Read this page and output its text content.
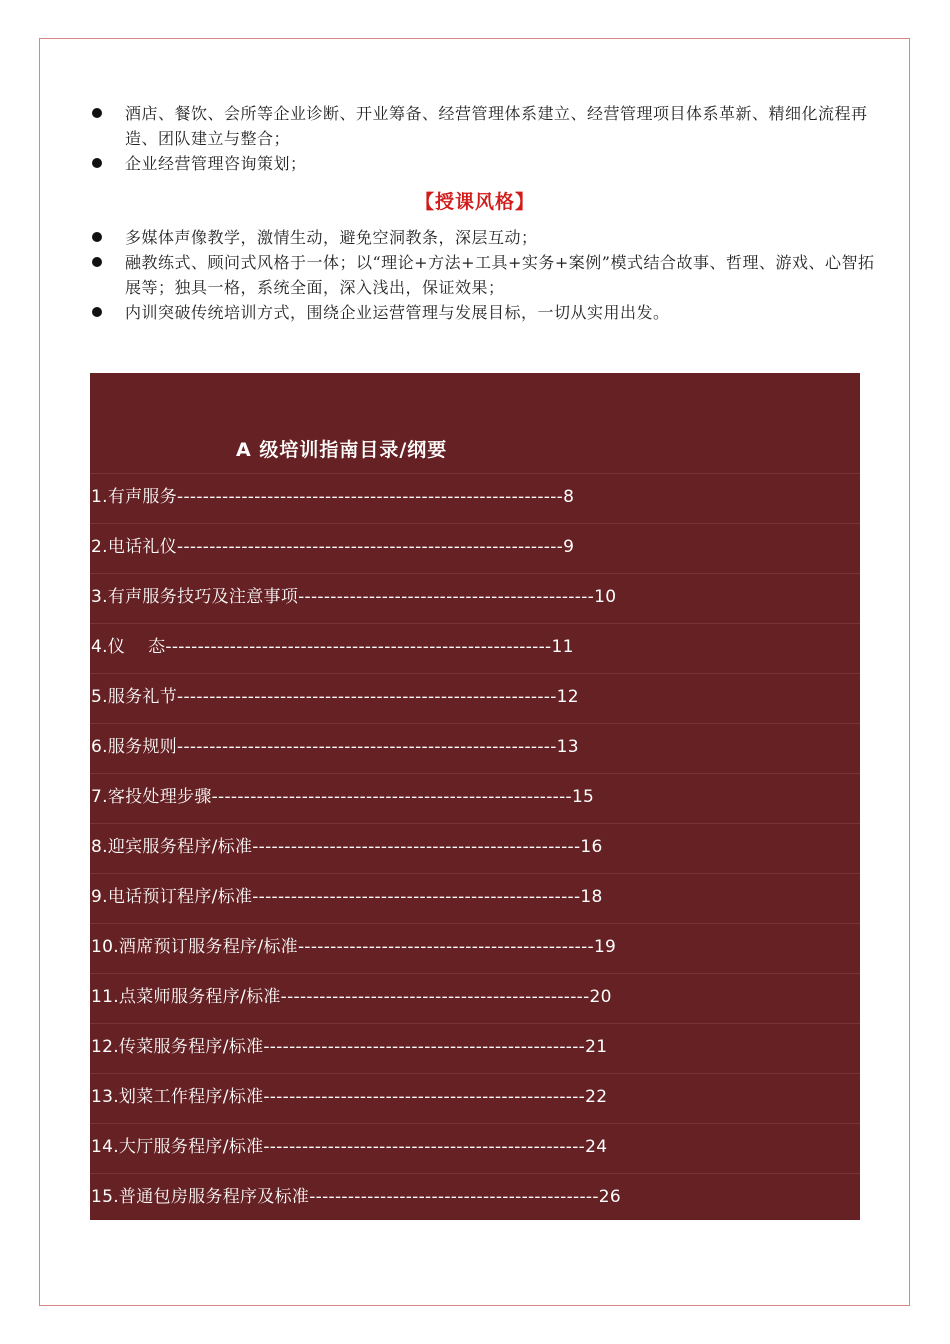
酒店、餐饮、会所等企业诊断、开业筹备、经营管理体系建立、经营管理项目体系革新、精细化流程再造、团队建立与整合；
企业经营管理咨询策划；
【授课风格】
多媒体声像教学，激情生动，避免空洞教条，深层互动；
融教练式、顾问式风格于一体；以“理论+方法+工具+实务+案例”模式结合故事、哲理、游戏、心智拓展等；独具一格，系统全面，深入浅出，保证效果；
内训突破传统培训方式，围绕企业运营管理与发展目标，一切从实用出发。
A 级培训指南目录/纲要
1.有声服务------------------------------------------------------------8
2.电话礼仪------------------------------------------------------------9
3.有声服务技巧及注意事项----------------------------------------------10
4.仪　 态------------------------------------------------------------11
5.服务礼节-----------------------------------------------------------12
6.服务规则-----------------------------------------------------------13
7.客投处理步骤--------------------------------------------------------15
8.迎宾服务程序/标准---------------------------------------------------16
9.电话预订程序/标准---------------------------------------------------18
10.酒席预订服务程序/标准----------------------------------------------19
11.点菜师服务程序/标准------------------------------------------------20
12.传菜服务程序/标准--------------------------------------------------21
13.划菜工作程序/标准--------------------------------------------------22
14.大厅服务程序/标准--------------------------------------------------24
15.普通包房服务程序及标准---------------------------------------------26
